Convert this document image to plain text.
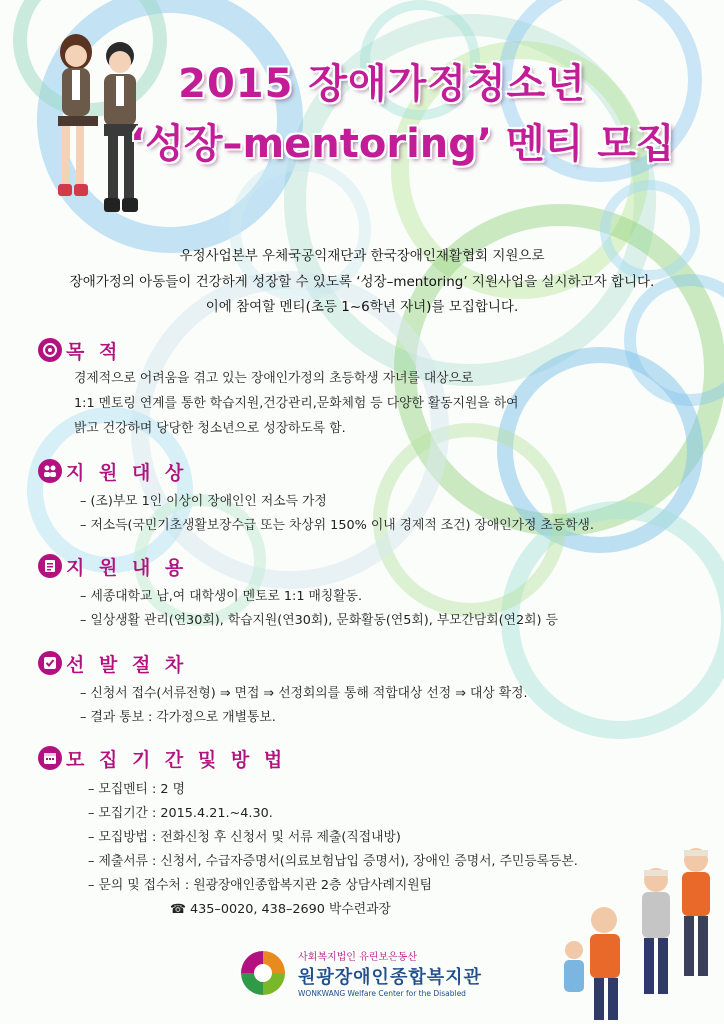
2015 장애가정청소년
‘성장–mentoring’ 멘티 모집
우정사업본부 우체국공익재단과 한국장애인재활협회 지원으로
장애가정의 아동들이 건강하게 성장할 수 있도록 ‘성장–mentoring’ 지원사업을 실시하고자 합니다.
이에 참여할 멘티(초등 1~6학년 자녀)를 모집합니다.
목 적
경제적으로 어려움을 겪고 있는 장애인가정의 초등학생 자녀를 대상으로
1:1 멘토링 연계를 통한 학습지원,건강관리,문화체험 등 다양한 활동지원을 하여
밝고 건강하며 당당한 청소년으로 성장하도록 함.
지 원 대 상
– (조)부모 1인 이상이 장애인인 저소득 가정
– 저소득(국민기초생활보장수급 또는 차상위 150% 이내 경제적 조건) 장애인가정 초등학생.
지 원 내 용
– 세종대학교 남,여 대학생이 멘토로 1:1 매칭활동.
– 일상생활 관리(연30회), 학습지원(연30회), 문화활동(연5회), 부모간담회(연2회) 등
선 발 절 차
– 신청서 접수(서류전형) ⇒ 면접 ⇒ 선정회의를 통해 적합대상 선정 ⇒ 대상 확정.
– 결과 통보 : 각가정으로 개별통보.
모 집 기 간 및 방 법
– 모집멘티 : 2 명
– 모집기간 : 2015.4.21.~4.30.
– 모집방법 : 전화신청 후 신청서 및 서류 제출(직접내방)
– 제출서류 : 신청서, 수급자증명서(의료보험납입 증명서), 장애인 증명서, 주민등록등본.
– 문의 및 접수처 : 원광장애인종합복지관 2층 상담사례지원팀
☎ 435–0020, 438–2690 박수련과장
사회복지법인 유린보은동산
원광장애인종합복지관
WONKWANG Welfare Center for the Disabled
